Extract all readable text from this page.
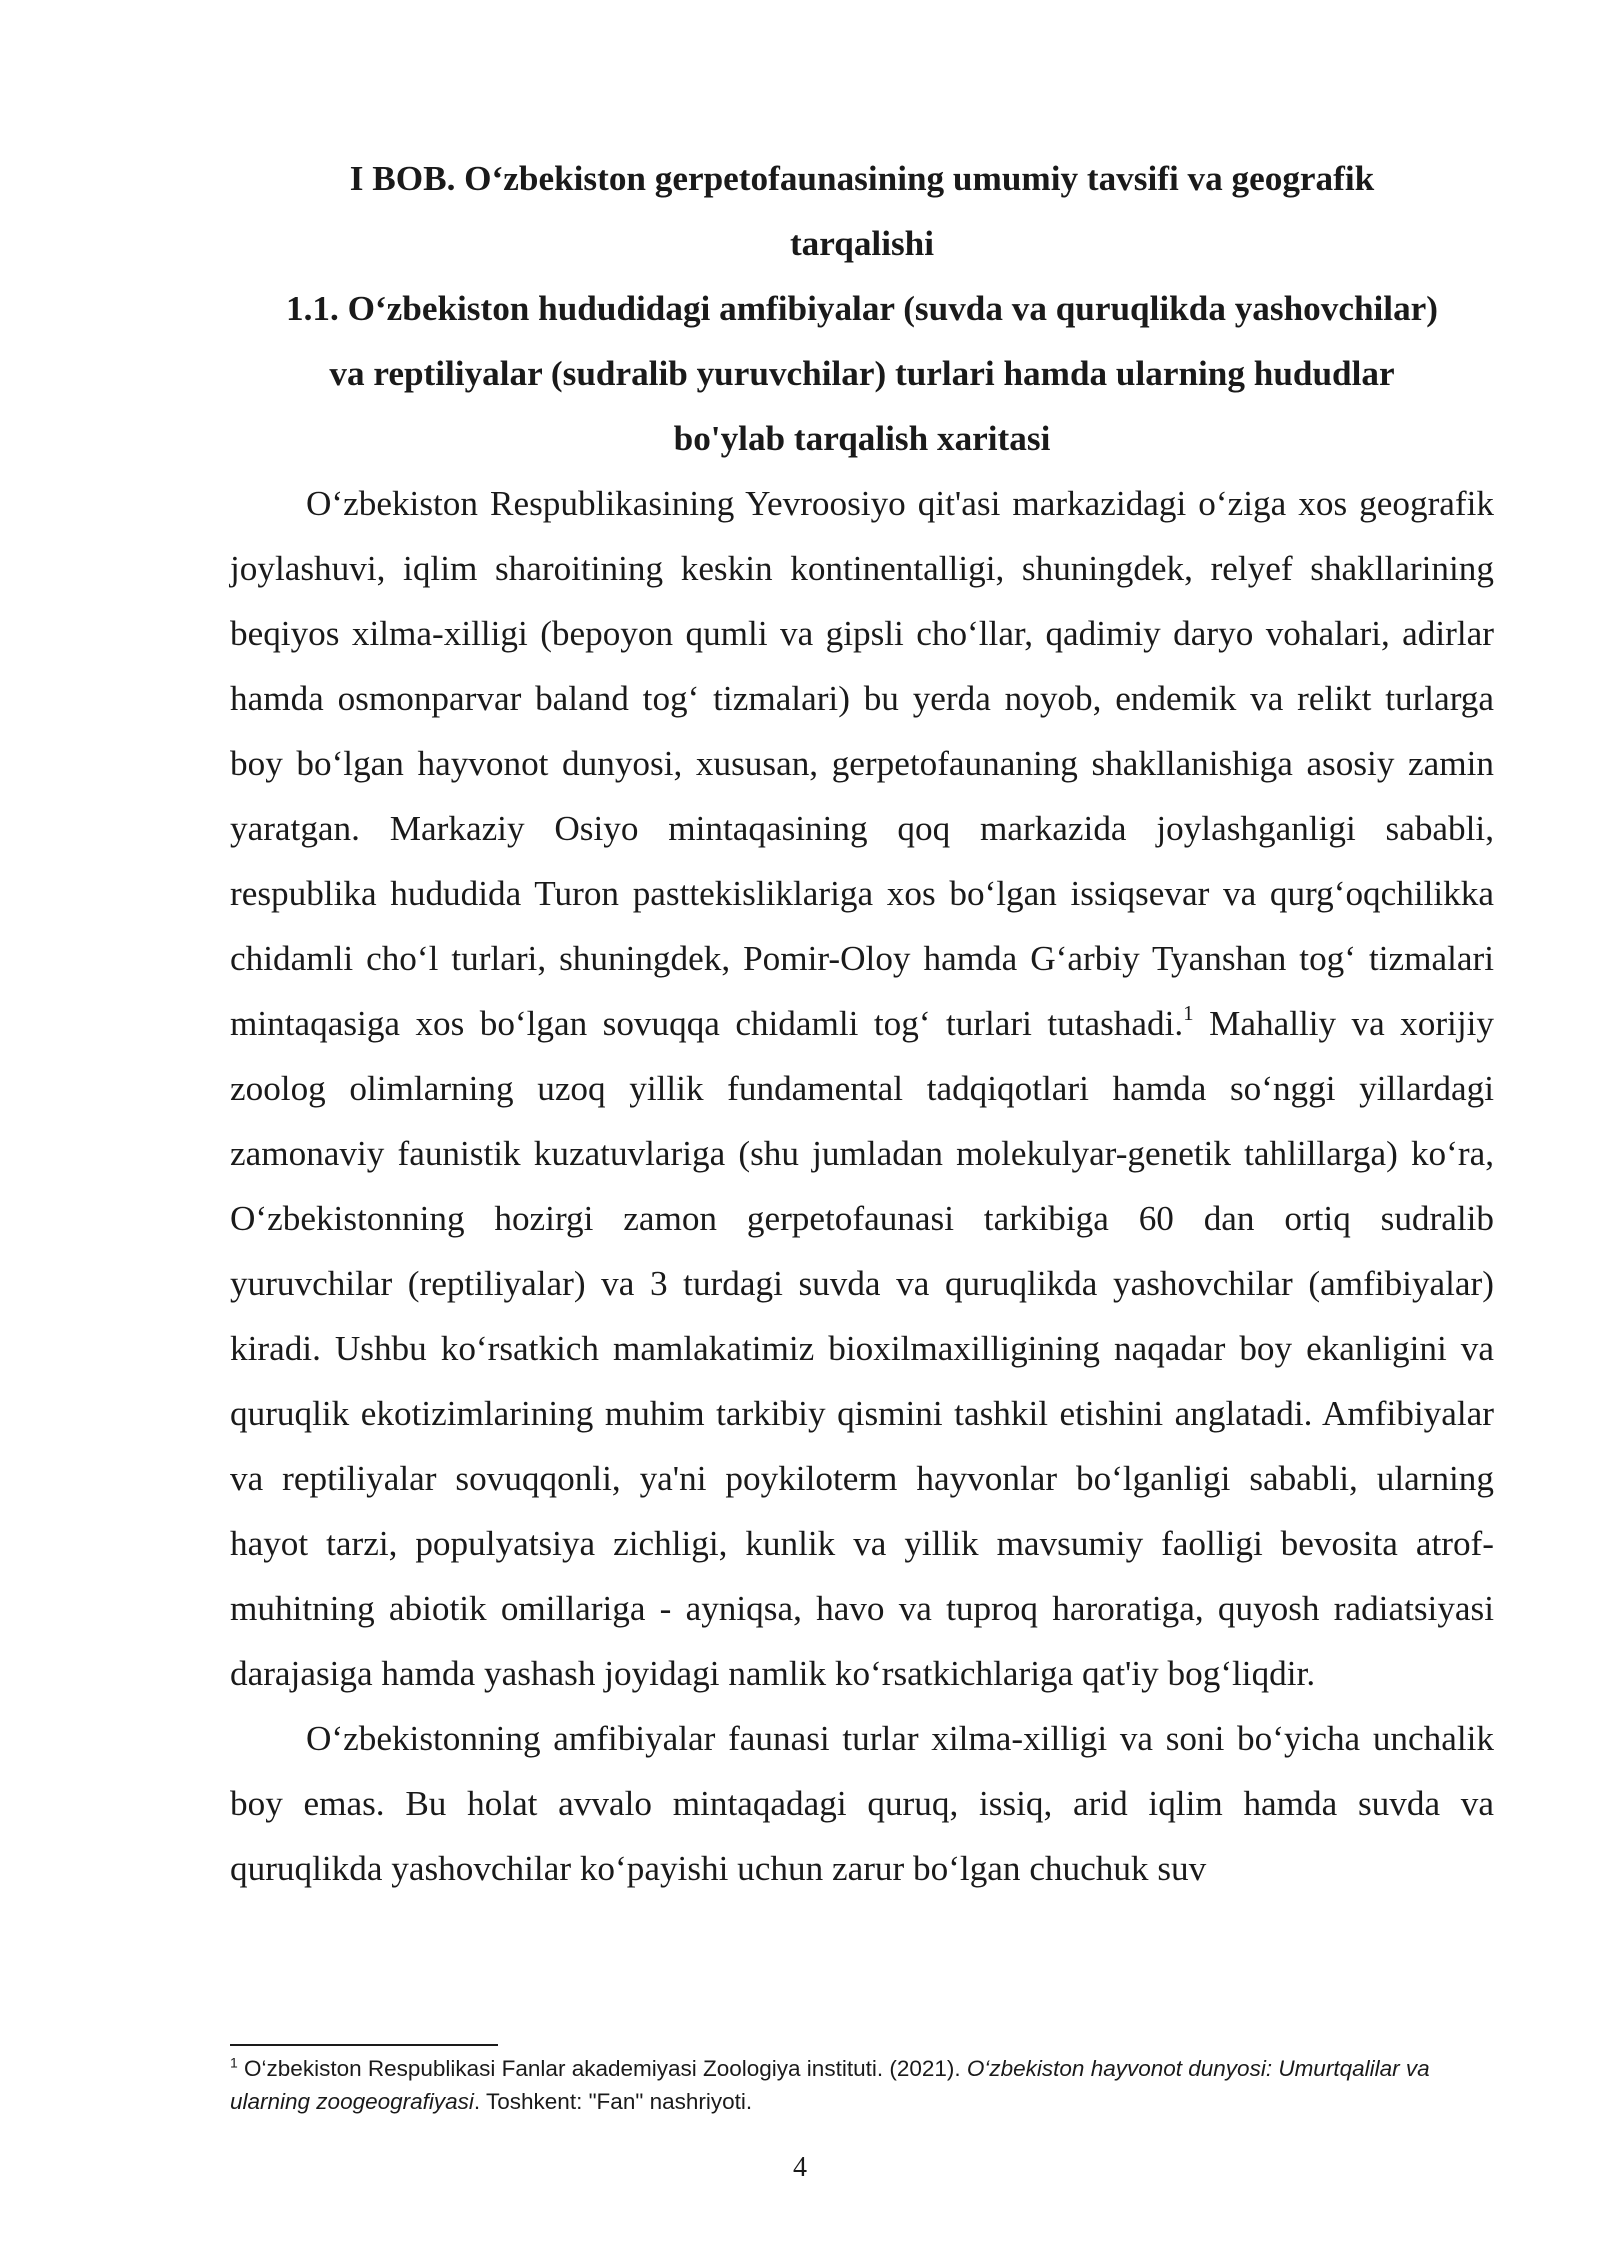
I BOB. O‘zbekiston gerpetofaunasining umumiy tavsifi va geografik
tarqalishi
1.1. O‘zbekiston hududidagi amfibiyalar (suvda va quruqlikda yashovchilar)
va reptiliyalar (sudralib yuruvchilar) turlari hamda ularning hududlar
bo'ylab tarqalish xaritasi

O‘zbekiston Respublikasining Yevroosiyo qit'asi markazidagi o‘ziga xos geografik joylashuvi, iqlim sharoitining keskin kontinentalligi, shuningdek, relyef shakllarining beqiyos xilma-xilligi (bepoyon qumli va gipsli cho‘llar, qadimiy daryo vohalari, adirlar hamda osmonparvar baland tog‘ tizmalari) bu yerda noyob, endemik va relikt turlarga boy bo‘lgan hayvonot dunyosi, xususan, gerpetofaunaning shakllanishiga asosiy zamin yaratgan. Markaziy Osiyo mintaqasining qoq markazida joylashganligi sababli, respublika hududida Turon pasttekisliklariga xos bo‘lgan issiqsevar va qurg‘oqchilikka chidamli cho‘l turlari, shuningdek, Pomir-Oloy hamda G‘arbiy Tyanshan tog‘ tizmalari mintaqasiga xos bo‘lgan sovuqqa chidamli tog‘ turlari tutashadi.$^1$ Mahalliy va xorijiy zoolog olimlarning uzoq yillik fundamental tadqiqotlari hamda so‘nggi yillardagi zamonaviy faunistik kuzatuvlariga (shu jumladan molekulyar-genetik tahlillarga) ko‘ra, O‘zbekistonning hozirgi zamon gerpetofaunasi tarkibiga 60 dan ortiq sudralib yuruvchilar (reptiliyalar) va 3 turdagi suvda va quruqlikda yashovchilar (amfibiyalar) kiradi. Ushbu ko‘rsatkich mamlakatimiz bioxilmaxilligining naqadar boy ekanligini va quruqlik ekotizimlarining muhim tarkibiy qismini tashkil etishini anglatadi. Amfibiyalar va reptiliyalar sovuqqonli, ya'ni poykiloterm hayvonlar bo‘lganligi sababli, ularning hayot tarzi, populyatsiya zichligi, kunlik va yillik mavsumiy faolligi bevosita atrof-muhitning abiotik omillariga - ayniqsa, havo va tuproq haroratiga, quyosh radiatsiyasi darajasiga hamda yashash joyidagi namlik ko‘rsatkichlariga qat'iy bog‘liqdir.

O‘zbekistonning amfibiyalar faunasi turlar xilma-xilligi va soni bo‘yicha unchalik boy emas. Bu holat avvalo mintaqadagi quruq, issiq, arid iqlim hamda suvda va quruqlikda yashovchilar ko‘payishi uchun zarur bo‘lgan chuchuk suv

$^1$ O‘zbekiston Respublikasi Fanlar akademiyasi Zoologiya instituti. (2021). O‘zbekiston hayvonot dunyosi: Umurtqalilar va ularning zoogeografiyasi. Toshkent: "Fan" nashriyoti.
4
